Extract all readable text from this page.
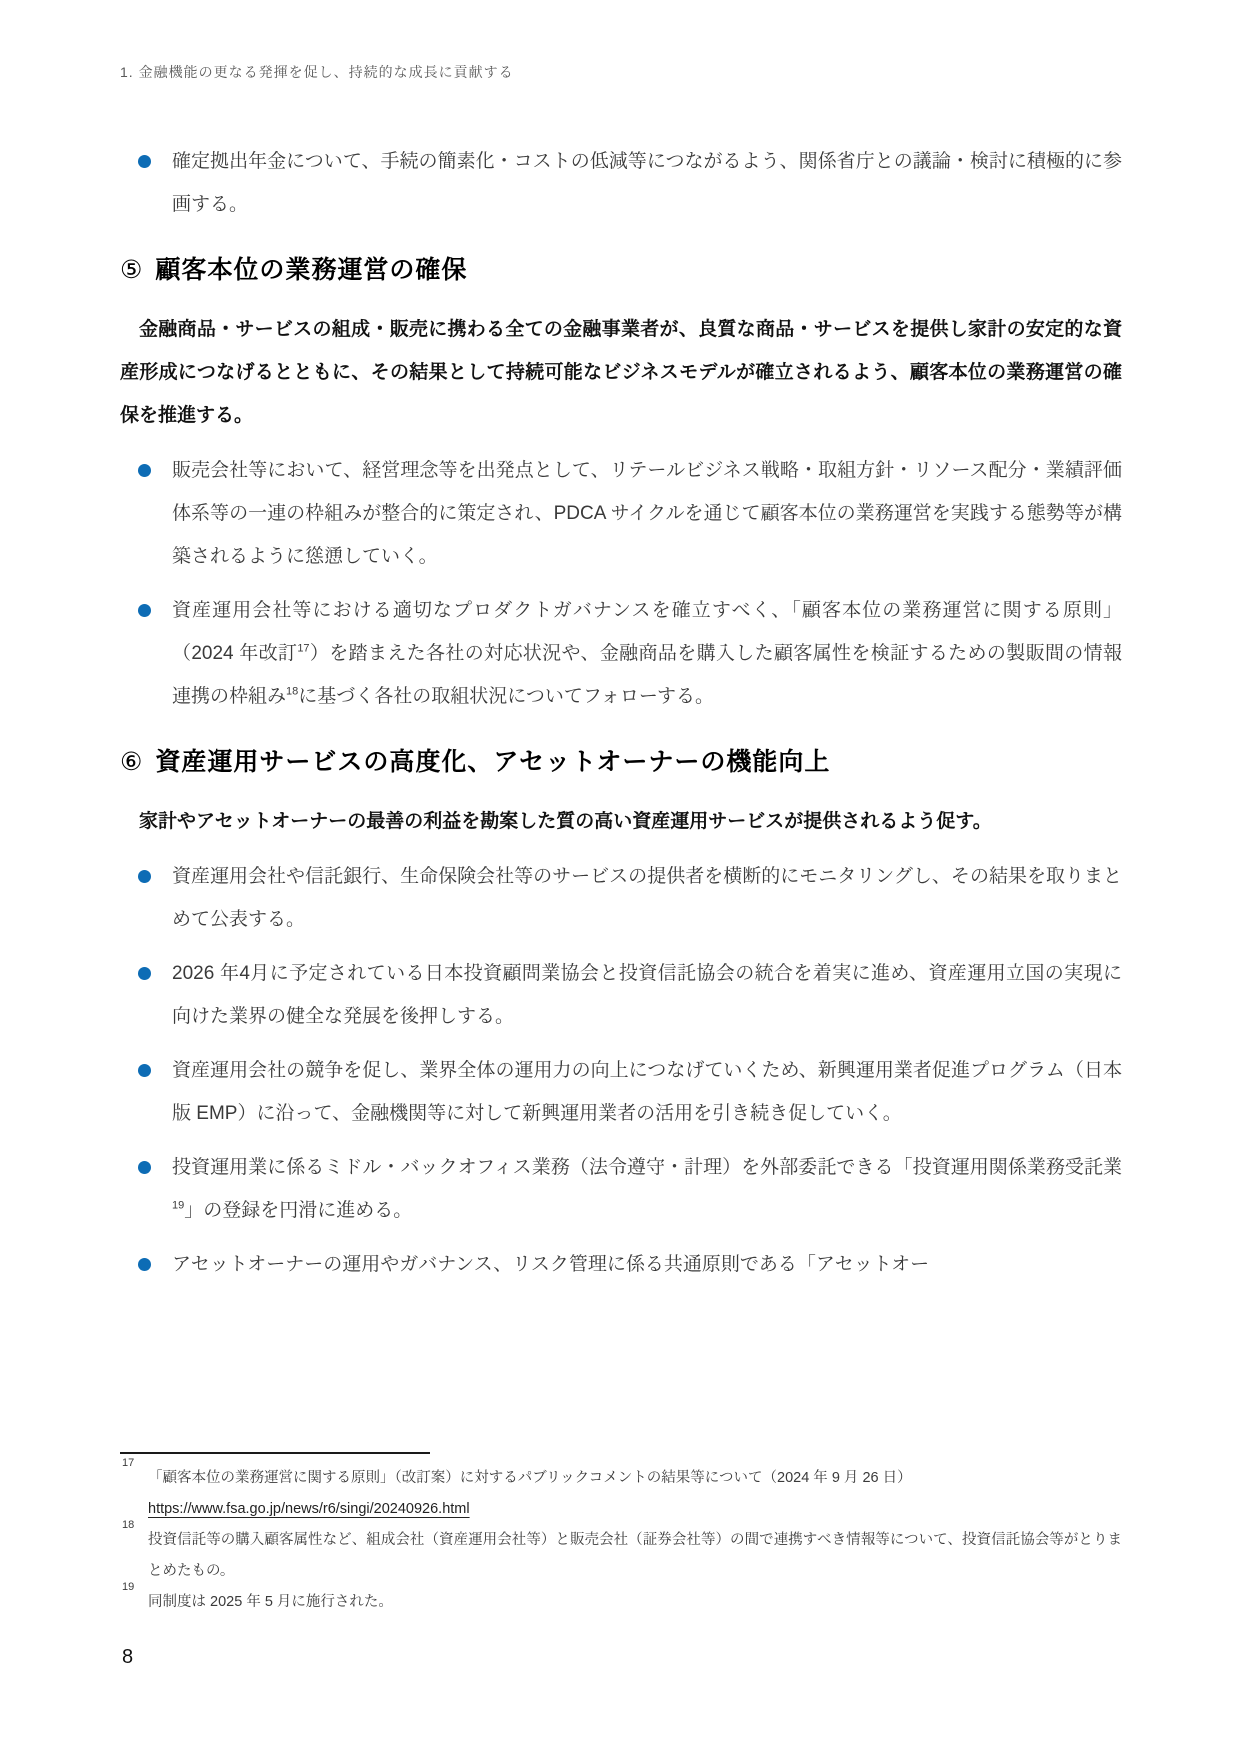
1. 金融機能の更なる発揮を促し、持続的な成長に貢献する
確定拠出年金について、手続の簡素化・コストの低減等につながるよう、関係省庁との議論・検討に積極的に参画する。
⑤ 顧客本位の業務運営の確保

金融商品・サービスの組成・販売に携わる全ての金融事業者が、良質な商品・サービスを提供し家計の安定的な資産形成につなげるとともに、その結果として持続可能なビジネスモデルが確立されるよう、顧客本位の業務運営の確保を推進する。

販売会社等において、経営理念等を出発点として、リテールビジネス戦略・取組方針・リソース配分・業績評価体系等の一連の枠組みが整合的に策定され、PDCA サイクルを通じて顧客本位の業務運営を実践する態勢等が構築されるように慫慂していく。
資産運用会社等における適切なプロダクトガバナンスを確立すべく、「顧客本位の業務運営に関する原則」（2024 年改訂$^{17}$）を踏まえた各社の対応状況や、金融商品を購入した顧客属性を検証するための製販間の情報連携の枠組み$^{18}$に基づく各社の取組状況についてフォローする。
⑥ 資産運用サービスの高度化、アセットオーナーの機能向上

家計やアセットオーナーの最善の利益を勘案した質の高い資産運用サービスが提供されるよう促す。

資産運用会社や信託銀行、生命保険会社等のサービスの提供者を横断的にモニタリングし、その結果を取りまとめて公表する。
2026 年4月に予定されている日本投資顧問業協会と投資信託協会の統合を着実に進め、資産運用立国の実現に向けた業界の健全な発展を後押しする。
資産運用会社の競争を促し、業界全体の運用力の向上につなげていくため、新興運用業者促進プログラム（日本版 EMP）に沿って、金融機関等に対して新興運用業者の活用を引き続き促していく。
投資運用業に係るミドル・バックオフィス業務（法令遵守・計理）を外部委託できる「投資運用関係業務受託業$^{19}$」の登録を円滑に進める。
アセットオーナーの運用やガバナンス、リスク管理に係る共通原則である「アセットオー
17
「顧客本位の業務運営に関する原則」（改訂案）に対するパブリックコメントの結果等について（2024 年 9 月 26 日）
https://www.fsa.go.jp/news/r6/singi/20240926.html
18
投資信託等の購入顧客属性など、組成会社（資産運用会社等）と販売会社（証券会社等）の間で連携すべき情報等について、投資信託協会等がとりまとめたもの。
19
同制度は 2025 年 5 月に施行された。
8
